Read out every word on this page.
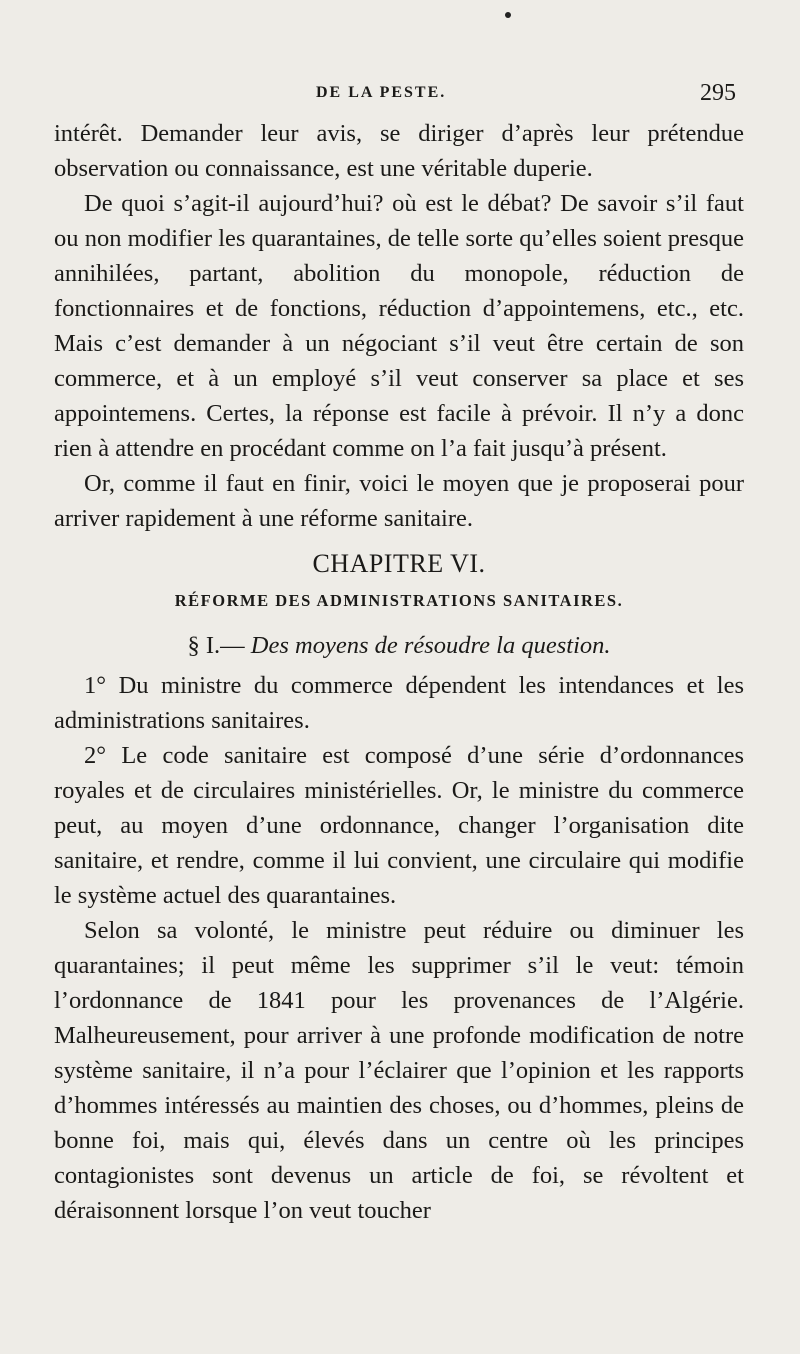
DE LA PESTE.	295

intérêt. Demander leur avis, se diriger d’après leur prétendue observation ou connaissance, est une véritable duperie.

De quoi s’agit-il aujourd’hui? où est le débat? De savoir s’il faut ou non modifier les quarantaines, de telle sorte qu’elles soient presque annihilées, partant, abolition du monopole, réduction de fonctionnaires et de fonctions, réduction d’appointemens, etc., etc. Mais c’est demander à un négociant s’il veut être certain de son commerce, et à un employé s’il veut conserver sa place et ses appointemens. Certes, la réponse est facile à prévoir. Il n’y a donc rien à attendre en procédant comme on l’a fait jusqu’à présent.

Or, comme il faut en finir, voici le moyen que je proposerai pour arriver rapidement à une réforme sanitaire.

CHAPITRE VI.
RÉFORME DES ADMINISTRATIONS SANITAIRES.
§ I.— Des moyens de résoudre la question.

1° Du ministre du commerce dépendent les intendances et les administrations sanitaires.

2° Le code sanitaire est composé d’une série d’ordonnances royales et de circulaires ministérielles. Or, le ministre du commerce peut, au moyen d’une ordonnance, changer l’organisation dite sanitaire, et rendre, comme il lui convient, une circulaire qui modifie le système actuel des quarantaines.

Selon sa volonté, le ministre peut réduire ou diminuer les quarantaines; il peut même les supprimer s’il le veut: témoin l’ordonnance de 1841 pour les provenances de l’Algérie. Malheureusement, pour arriver à une profonde modification de notre système sanitaire, il n’a pour l’éclairer que l’opinion et les rapports d’hommes intéressés au maintien des choses, ou d’hommes, pleins de bonne foi, mais qui, élevés dans un centre où les principes contagionistes sont devenus un article de foi, se révoltent et déraisonnent lorsque l’on veut toucher
